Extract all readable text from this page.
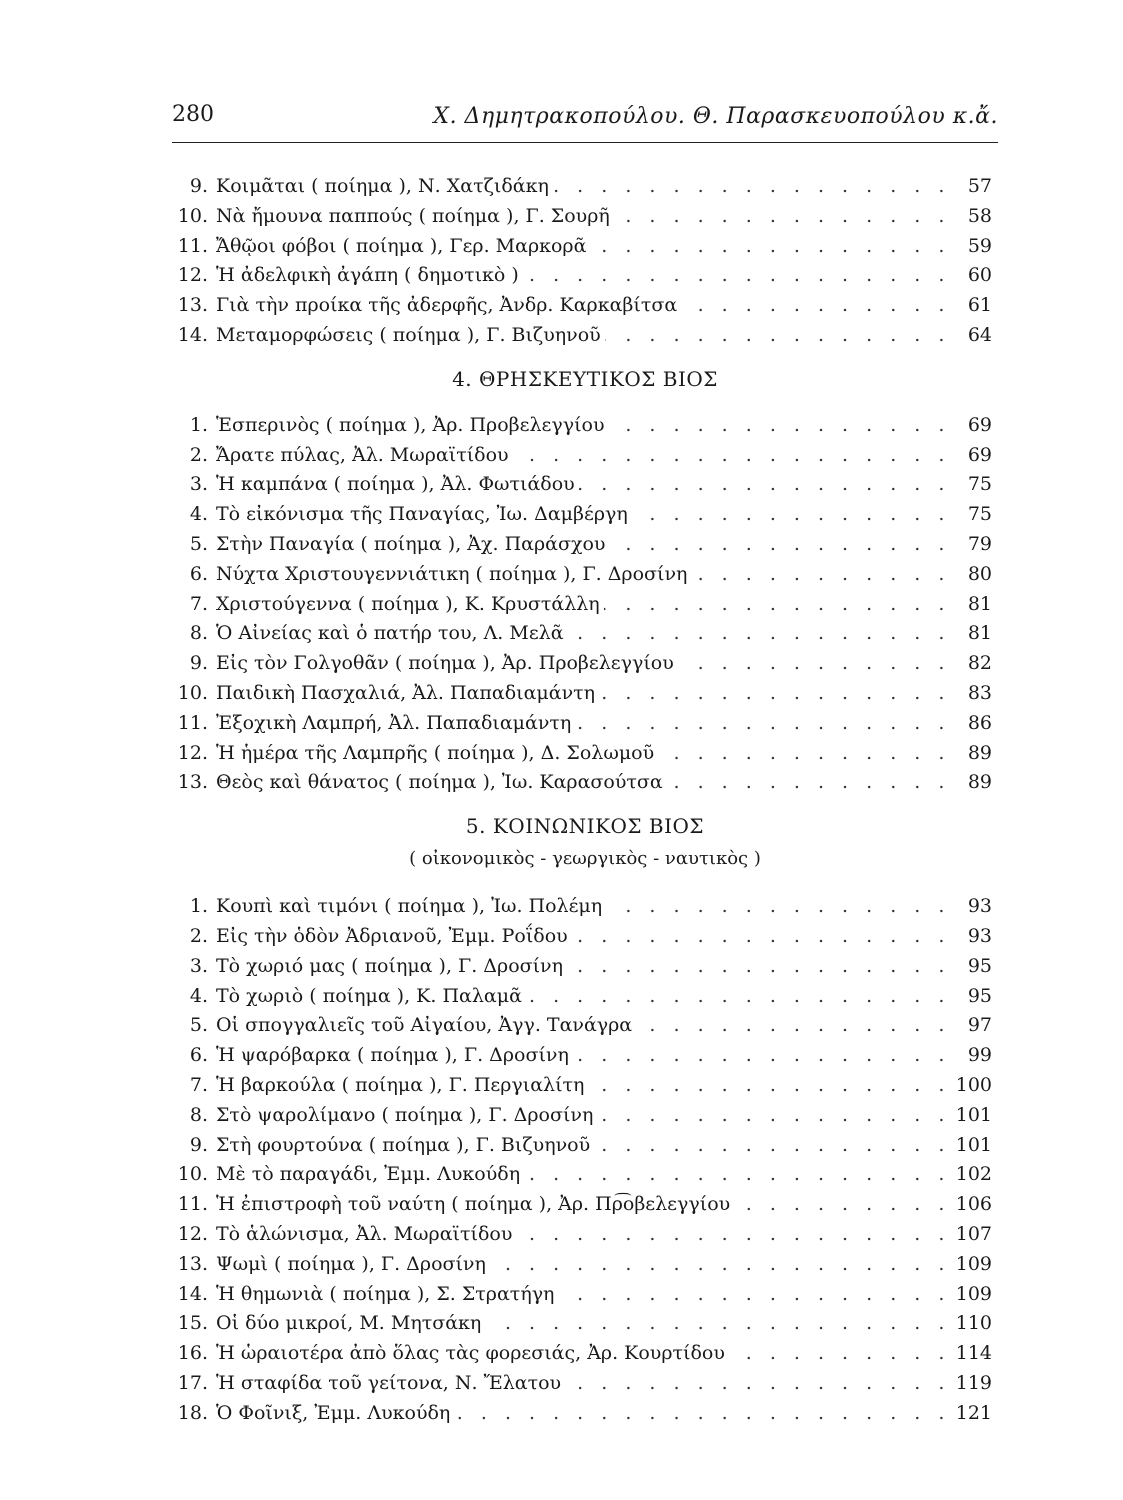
280	Χ. Δημητρακοπούλου. Θ. Παρασκευοπούλου κ.ἄ.
9. . . . Κοιμᾶται ( ποίημα ), Ν. Χατζιδάκη	57
10. . . . Νὰ ἤμουνα παππούς ( ποίημα ), Γ. Σουρῆ	58
11. . . . Ἄθῷοι φόβοι ( ποίημα ), Γερ. Μαρκορᾶ	59
12. . . . Ἡ ἀδελφικὴ ἀγάπη ( δημοτικὸ )	60
13. . . . Γιὰ τὴν προίκα τῆς ἀδερφῆς, Ἀνδρ. Καρκαβίτσα	61
14. . . . Μεταμορφώσεις ( ποίημα ), Γ. Βιζυηνοῦ	64
4. ΘΡΗΣΚΕΥΤΙΚΟΣ ΒΙΟΣ
1. . . . Ἑσπερινὸς ( ποίημα ), Ἀρ. Προβελεγγίου	69
2. . . . Ἄρατε πύλας, Ἀλ. Μωραϊτίδου	69
3. . . . Ἡ καμπάνα ( ποίημα ), Ἀλ. Φωτιάδου	75
4. . . . Τὸ εἰκόνισμα τῆς Παναγίας, Ἰω. Δαμβέργη	75
5. . . . Στὴν Παναγία ( ποίημα ), Ἀχ. Παράσχου	79
6. . . . Νύχτα Χριστουγεννιάτικη ( ποίημα ), Γ. Δροσίνη	80
7. . . . Χριστούγεννα ( ποίημα ), Κ. Κρυστάλλη	81
8. . . . Ὁ Αἰνείας καὶ ὁ πατήρ του, Λ. Μελᾶ	81
9. . . . Εἰς τὸν Γολγοθᾶν ( ποίημα ), Ἀρ. Προβελεγγίου	82
10. . . . Παιδικὴ Πασχαλιά, Ἀλ. Παπαδιαμάντη	83
11. . . . Ἐξοχικὴ Λαμπρή, Ἀλ. Παπαδιαμάντη	86
12. . . . Ἡ ἡμέρα τῆς Λαμπρῆς ( ποίημα ), Δ. Σολωμοῦ	89
13. . . . Θεὸς καὶ θάνατος ( ποίημα ), Ἰω. Καρασούτσα	89
5. ΚΟΙΝΩΝΙΚΟΣ ΒΙΟΣ
( οἰκονομικὸς - γεωργικὸς - ναυτικὸς )
1. . . . Κουπὶ καὶ τιμόνι ( ποίημα ), Ἰω. Πολέμη	93
2. . . . Εἰς τὴν ὁδὸν Ἀδριανοῦ, Ἐμμ. Ροΐδου	93
3. . . . Τὸ χωριό μας ( ποίημα ), Γ. Δροσίνη	95
4. . . . Τὸ χωριὸ ( ποίημα ), Κ. Παλαμᾶ	95
5. . . . Οἱ σπογγαλιεῖς τοῦ Αἰγαίου, Ἀγγ. Τανάγρα	97
6. . . . Ἡ ψαρόβαρκα ( ποίημα ), Γ. Δροσίνη	99
7. . . . Ἡ βαρκούλα ( ποίημα ), Γ. Περγιαλίτη	100
8. . . . Στὸ ψαρολίμανο ( ποίημα ), Γ. Δροσίνη	101
9. . . . Στὴ φουρτούνα ( ποίημα ), Γ. Βιζυηνοῦ	101
10. . . . Μὲ τὸ παραγάδι, Ἐμμ. Λυκούδη	102
11. . . . Ἡ ἐπιστροφὴ τοῦ ναύτη ( ποίημα ), Ἀρ. Πρ͡οβελεγγίου	106
12. . . . Τὸ ἁλώνισμα, Ἀλ. Μωραϊτίδου	107
13. . . . Ψωμὶ ( ποίημα ), Γ. Δροσίνη	109
14. . . . Ἡ θημωνιὰ ( ποίημα ), Σ. Στρατήγη	109
15. . . . Οἱ δύο μικροί, Μ. Μητσάκη	110
16. . . . Ἡ ὡραιοτέρα ἀπὸ ὅλας τὰς φορεσιάς, Ἀρ. Κουρτίδου	114
17. . . . Ἡ σταφίδα τοῦ γείτονα, Ν. Ἔλατου	119
18. . . . Ὁ Φοῖνιξ, Ἐμμ. Λυκούδη	121
